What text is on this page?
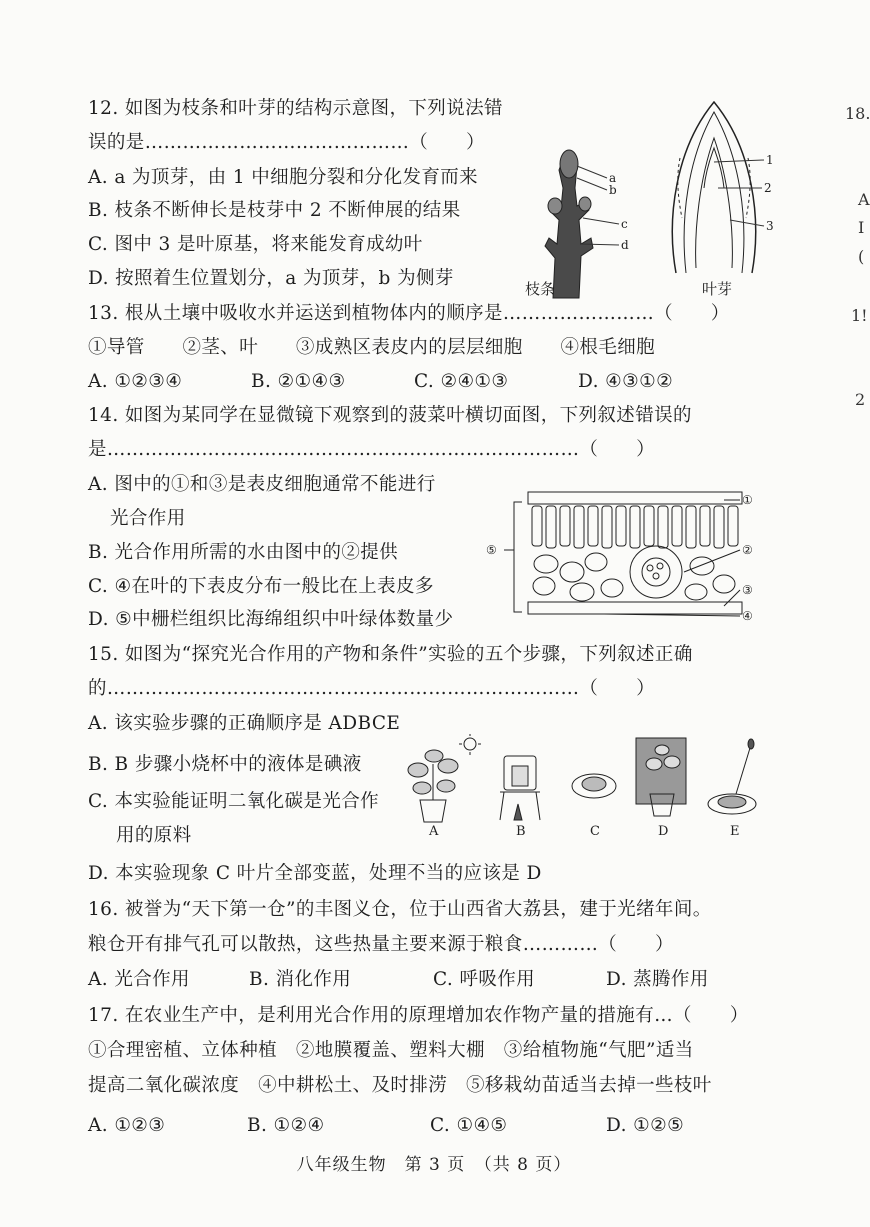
12. 如图为枝条和叶芽的结构示意图，下列说法错
误的是……………………………………（　　）
A. a 为顶芽，由 1 中细胞分裂和分化发育而来
B. 枝条不断伸长是枝芽中 2 不断伸展的结果
C. 图中 3 是叶原基，将来能发育成幼叶
D. 按照着生位置划分，a 为顶芽，b 为侧芽
a
b
c
d
枝条
1
2
3
叶芽
13. 根从土壤中吸收水并运送到植物体内的顺序是……………………（　　）
①导管　　②茎、叶　　③成熟区表皮内的层层细胞　　④根毛细胞
A. ①②③④	B. ②①④③	C. ②④①③	D. ④③①②
14. 如图为某同学在显微镜下观察到的菠菜叶横切面图，下列叙述错误的
是…………………………………………………………………（　　）
A. 图中的①和③是表皮细胞通常不能进行
光合作用
B. 光合作用所需的水由图中的②提供
C. ④在叶的下表皮分布一般比在上表皮多
D. ⑤中栅栏组织比海绵组织中叶绿体数量少
①
②
③
④
⑤
15. 如图为“探究光合作用的产物和条件”实验的五个步骤，下列叙述正确
的…………………………………………………………………（　　）
A. 该实验步骤的正确顺序是 ADBCE
B. B 步骤小烧杯中的液体是碘液
C. 本实验能证明二氧化碳是光合作
用的原料
D. 本实验现象 C 叶片全部变蓝，处理不当的应该是 D
A	B	C	D	E
16. 被誉为“天下第一仓”的丰图义仓，位于山西省大荔县，建于光绪年间。
粮仓开有排气孔可以散热，这些热量主要来源于粮食…………（　　）
A. 光合作用	B. 消化作用	C. 呼吸作用	D. 蒸腾作用
17. 在农业生产中，是利用光合作用的原理增加农作物产量的措施有…（　　）
①合理密植、立体种植　②地膜覆盖、塑料大棚　③给植物施“气肥”适当
提高二氧化碳浓度　④中耕松土、及时排涝　⑤移栽幼苗适当去掉一些枝叶
A. ①②③	B. ①②④	C. ①④⑤	D. ①②⑤
18.
A
I
(
1!
2
八年级生物　第 3 页　（共 8 页）
